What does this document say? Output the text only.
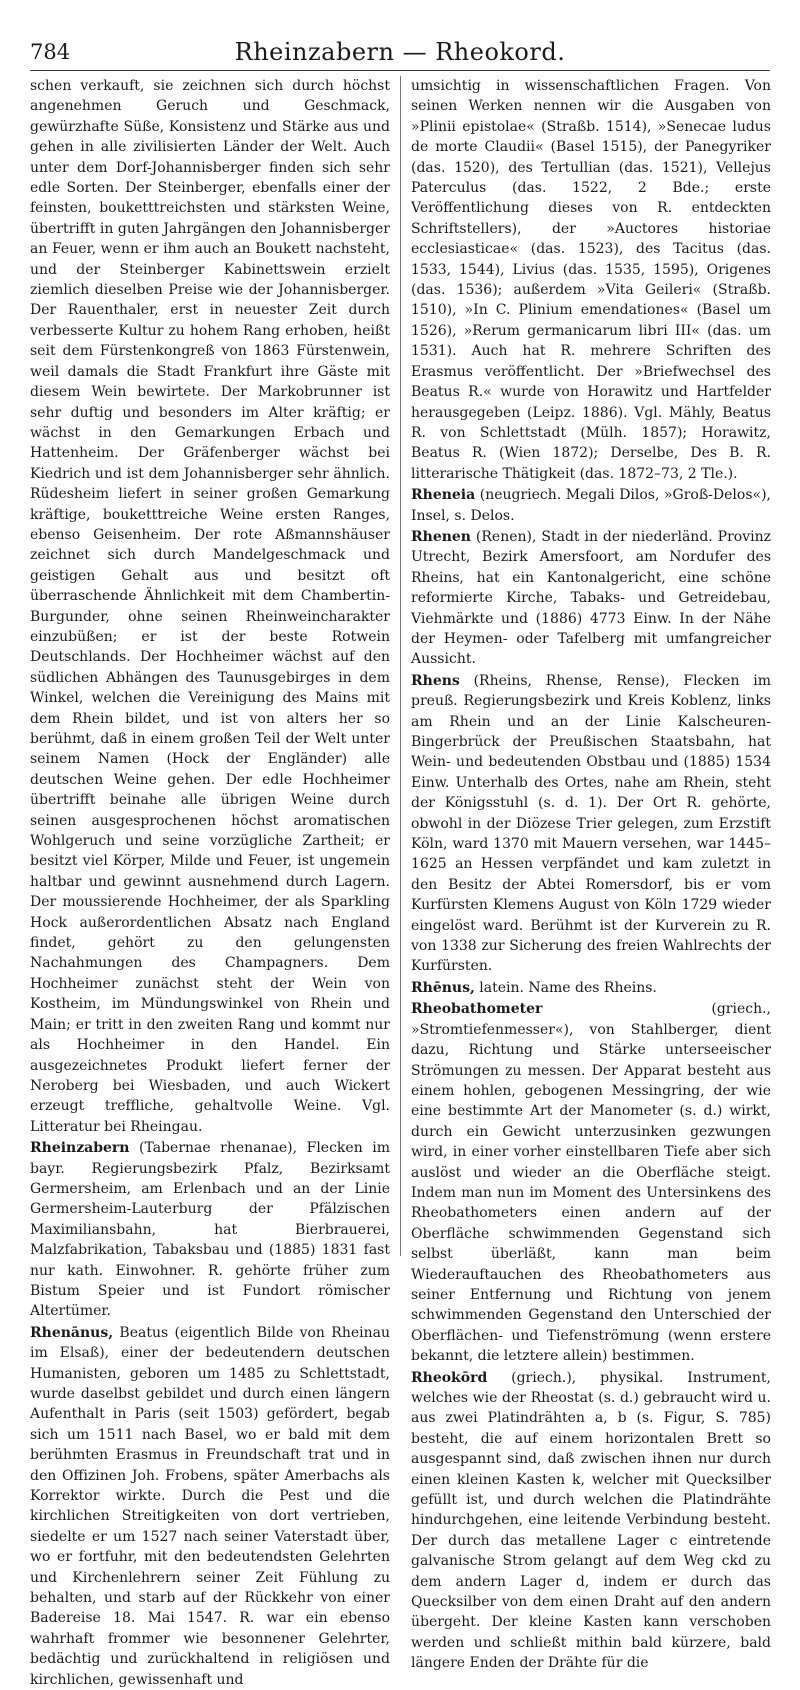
784	Rheinzabern — Rheokord.

schen verkauft, sie zeichnen sich durch höchst angenehmen Geruch und Geschmack, gewürzhafte Süße, Konsistenz und Stärke aus und gehen in alle zivilisierten Länder der Welt. Auch unter dem Dorf-Johannisberger finden sich sehr edle Sorten. Der Steinberger, ebenfalls einer der feinsten, bouketttreichsten und stärksten Weine, übertrifft in guten Jahrgängen den Johannisberger an Feuer, wenn er ihm auch an Boukett nachsteht, und der Steinberger Kabinettswein erzielt ziemlich dieselben Preise wie der Johannisberger. Der Rauenthaler, erst in neuester Zeit durch verbesserte Kultur zu hohem Rang erhoben, heißt seit dem Fürstenkongreß von 1863 Fürstenwein, weil damals die Stadt Frankfurt ihre Gäste mit diesem Wein bewirtete. Der Markobrunner ist sehr duftig und besonders im Alter kräftig; er wächst in den Gemarkungen Erbach und Hattenheim. Der Gräfenberger wächst bei Kiedrich und ist dem Johannisberger sehr ähnlich. Rüdesheim liefert in seiner großen Gemarkung kräftige, bouketttreiche Weine ersten Ranges, ebenso Geisenheim. Der rote Aßmannshäuser zeichnet sich durch Mandelgeschmack und geistigen Gehalt aus und besitzt oft überraschende Ähnlichkeit mit dem Chambertin-Burgunder, ohne seinen Rheinweincharakter einzubüßen; er ist der beste Rotwein Deutschlands. Der Hochheimer wächst auf den südlichen Abhängen des Taunusgebirges in dem Winkel, welchen die Vereinigung des Mains mit dem Rhein bildet, und ist von alters her so berühmt, daß in einem großen Teil der Welt unter seinem Namen (Hock der Engländer) alle deutschen Weine gehen. Der edle Hochheimer übertrifft beinahe alle übrigen Weine durch seinen ausgesprochenen höchst aromatischen Wohlgeruch und seine vorzügliche Zartheit; er besitzt viel Körper, Milde und Feuer, ist ungemein haltbar und gewinnt ausnehmend durch Lagern. Der moussierende Hochheimer, der als Sparkling Hock außerordentlichen Absatz nach England findet, gehört zu den gelungensten Nachahmungen des Champagners. Dem Hochheimer zunächst steht der Wein von Kostheim, im Mündungswinkel von Rhein und Main; er tritt in den zweiten Rang und kommt nur als Hochheimer in den Handel. Ein ausgezeichnetes Produkt liefert ferner der Neroberg bei Wiesbaden, und auch Wickert erzeugt treffliche, gehaltvolle Weine. Vgl. Litteratur bei Rheingau.

Rheinzabern (Tabernae rhenanae), Flecken im bayr. Regierungsbezirk Pfalz, Bezirksamt Germersheim, am Erlenbach und an der Linie Germersheim-Lauterburg der Pfälzischen Maximiliansbahn, hat Bierbrauerei, Malzfabrikation, Tabaksbau und (1885) 1831 fast nur kath. Einwohner. R. gehörte früher zum Bistum Speier und ist Fundort römischer Altertümer.

Rhenānus, Beatus (eigentlich Bilde von Rheinau im Elsaß), einer der bedeutendern deutschen Humanisten, geboren um 1485 zu Schlettstadt, wurde daselbst gebildet und durch einen längern Aufenthalt in Paris (seit 1503) gefördert, begab sich um 1511 nach Basel, wo er bald mit dem berühmten Erasmus in Freundschaft trat und in den Offizinen Joh. Frobens, später Amerbachs als Korrektor wirkte. Durch die Pest und die kirchlichen Streitigkeiten von dort vertrieben, siedelte er um 1527 nach seiner Vaterstadt über, wo er fortfuhr, mit den bedeutendsten Gelehrten und Kirchenlehrern seiner Zeit Fühlung zu behalten, und starb auf der Rückkehr von einer Badereise 18. Mai 1547. R. war ein ebenso wahrhaft frommer wie besonnener Gelehrter, bedächtig und zurückhaltend in religiösen und kirchlichen, gewissenhaft und

umsichtig in wissenschaftlichen Fragen. Von seinen Werken nennen wir die Ausgaben von »Plinii epistolae« (Straßb. 1514), »Senecae ludus de morte Claudii« (Basel 1515), der Panegyriker (das. 1520), des Tertullian (das. 1521), Vellejus Paterculus (das. 1522, 2 Bde.; erste Veröffentlichung dieses von R. entdeckten Schriftstellers), der »Auctores historiae ecclesiasticae« (das. 1523), des Tacitus (das. 1533, 1544), Livius (das. 1535, 1595), Origenes (das. 1536); außerdem »Vita Geileri« (Straßb. 1510), »In C. Plinium emendationes« (Basel um 1526), »Rerum germanicarum libri III« (das. um 1531). Auch hat R. mehrere Schriften des Erasmus veröffentlicht. Der »Briefwechsel des Beatus R.« wurde von Horawitz und Hartfelder herausgegeben (Leipz. 1886). Vgl. Mähly, Beatus R. von Schlettstadt (Mülh. 1857); Horawitz, Beatus R. (Wien 1872); Derselbe, Des B. R. litterarische Thätigkeit (das. 1872–73, 2 Tle.).

Rheneia (neugriech. Megali Dilos, »Groß-Delos«), Insel, s. Delos.

Rhenen (Renen), Stadt in der niederländ. Provinz Utrecht, Bezirk Amersfoort, am Nordufer des Rheins, hat ein Kantonalgericht, eine schöne reformierte Kirche, Tabaks- und Getreidebau, Viehmärkte und (1886) 4773 Einw. In der Nähe der Heymen- oder Tafelberg mit umfangreicher Aussicht.

Rhens (Rheins, Rhense, Rense), Flecken im preuß. Regierungsbezirk und Kreis Koblenz, links am Rhein und an der Linie Kalscheuren-Bingerbrück der Preußischen Staatsbahn, hat Wein- und bedeutenden Obstbau und (1885) 1534 Einw. Unterhalb des Ortes, nahe am Rhein, steht der Königsstuhl (s. d. 1). Der Ort R. gehörte, obwohl in der Diözese Trier gelegen, zum Erzstift Köln, ward 1370 mit Mauern versehen, war 1445–1625 an Hessen verpfändet und kam zuletzt in den Besitz der Abtei Romersdorf, bis er vom Kurfürsten Klemens August von Köln 1729 wieder eingelöst ward. Berühmt ist der Kurverein zu R. von 1338 zur Sicherung des freien Wahlrechts der Kurfürsten.

Rhēnus, latein. Name des Rheins.

Rheobathometer (griech., »Stromtiefenmesser«), von Stahlberger, dient dazu, Richtung und Stärke unterseeischer Strömungen zu messen. Der Apparat besteht aus einem hohlen, gebogenen Messingring, der wie eine bestimmte Art der Manometer (s. d.) wirkt, durch ein Gewicht unterzusinken gezwungen wird, in einer vorher einstellbaren Tiefe aber sich auslöst und wieder an die Oberfläche steigt. Indem man nun im Moment des Untersinkens des Rheobathometers einen andern auf der Oberfläche schwimmenden Gegenstand sich selbst überläßt, kann man beim Wiederauftauchen des Rheobathometers aus seiner Entfernung und Richtung von jenem schwimmenden Gegenstand den Unterschied der Oberflächen- und Tiefenströmung (wenn erstere bekannt, die letztere allein) bestimmen.

Rheokōrd (griech.), physikal. Instrument, welches wie der Rheostat (s. d.) gebraucht wird u. aus zwei Platindrähten a, b (s. Figur, S. 785) besteht, die auf einem horizontalen Brett so ausgespannt sind, daß zwischen ihnen nur durch einen kleinen Kasten k, welcher mit Quecksilber gefüllt ist, und durch welchen die Platindrähte hindurchgehen, eine leitende Verbindung besteht. Der durch das metallene Lager c eintretende galvanische Strom gelangt auf dem Weg ckd zu dem andern Lager d, indem er durch das Quecksilber von dem einen Draht auf den andern übergeht. Der kleine Kasten kann verschoben werden und schließt mithin bald kürzere, bald längere Enden der Drähte für die
